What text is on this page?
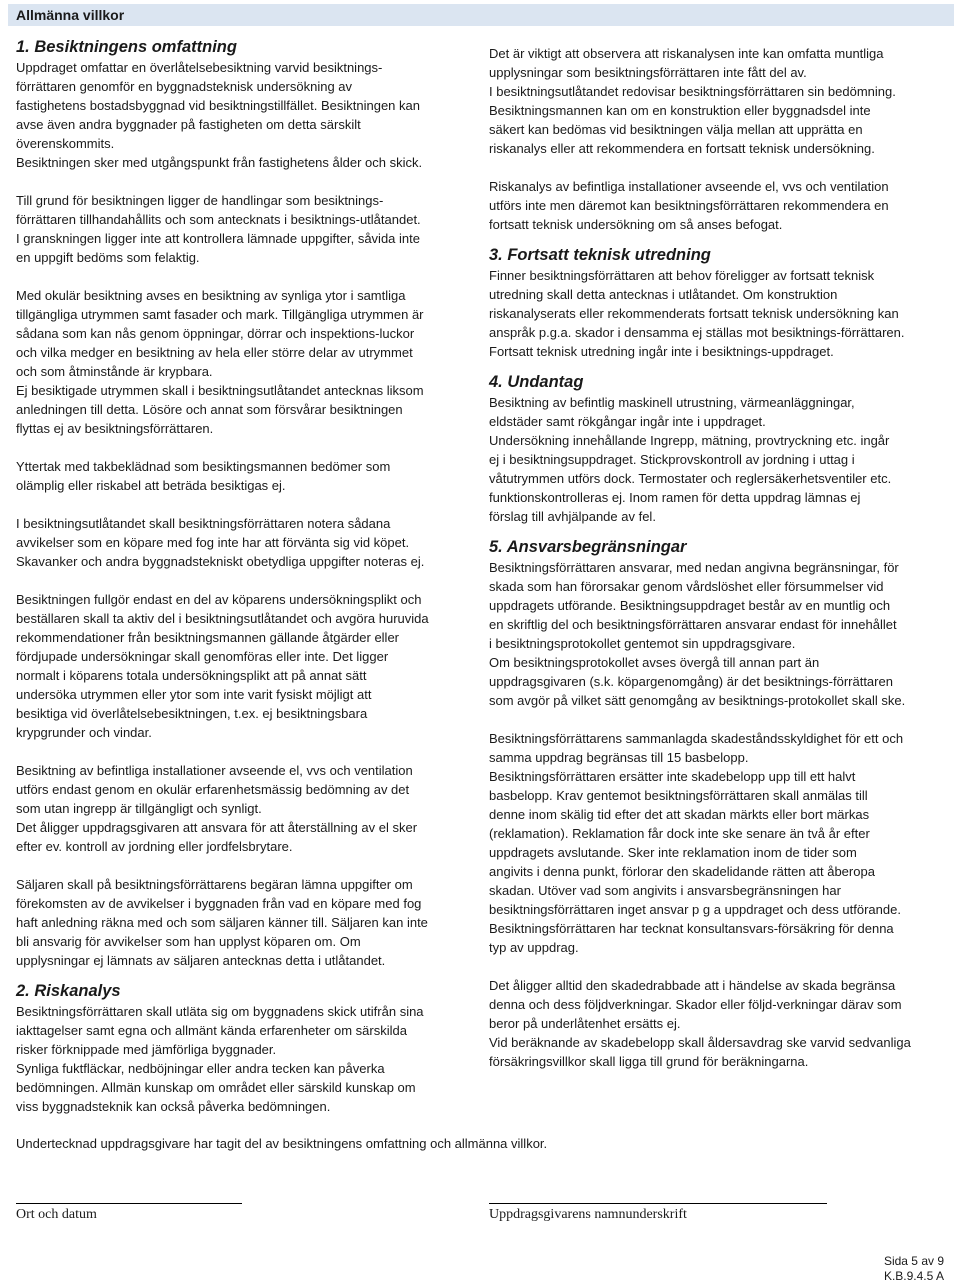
Allmänna villkor
1. Besiktningens omfattning
Uppdraget omfattar en överlåtelsebesiktning varvid besiktnings-
förrättaren genomför en byggnadsteknisk undersökning av
fastighetens bostadsbyggnad vid besiktningstillfället. Besiktningen kan
avse även andra byggnader på fastigheten om detta särskilt
överenskommits.
Besiktningen sker med utgångspunkt från fastighetens ålder och skick.
Till grund för besiktningen ligger de handlingar som besiktnings-
förrättaren tillhandahållits och som antecknats i besiktnings-utlåtandet.
I granskningen ligger inte att kontrollera lämnade uppgifter, såvida inte
en uppgift bedöms som felaktig.
Med okulär besiktning avses en besiktning av synliga ytor i samtliga
tillgängliga utrymmen samt fasader och mark. Tillgängliga utrymmen är
sådana som kan nås genom öppningar, dörrar och inspektions-luckor
och vilka medger en besiktning av hela eller större delar av utrymmet
och som åtminstånde är krypbara.
Ej besiktigade utrymmen skall i besiktningsutlåtandet antecknas liksom
anledningen till detta. Lösöre och annat som försvårar besiktningen
flyttas ej av besiktningsförrättaren.
Yttertak med takbeklädnad som besiktingsmannen bedömer som
olämplig eller riskabel att beträda besiktigas ej.
I besiktningsutlåtandet skall besiktningsförrättaren notera sådana
avvikelser som en köpare med fog inte har att förvänta sig vid köpet.
Skavanker och andra byggnadstekniskt obetydliga uppgifter noteras ej.
Besiktningen fullgör endast en del av köparens undersökningsplikt och
beställaren skall ta aktiv del i besiktningsutlåtandet och avgöra huruvida
rekommendationer från besiktningsmannen gällande åtgärder eller
fördjupade undersökningar skall genomföras eller inte. Det ligger
normalt i köparens totala undersökningsplikt att på annat sätt
undersöka utrymmen eller ytor som inte varit fysiskt möjligt att
besiktiga vid överlåtelsebesiktningen, t.ex. ej besiktningsbara
krypgrunder och vindar.
Besiktning av befintliga installationer avseende el, vvs och ventilation
utförs endast genom en okulär erfarenhetsmässig bedömning av det
som utan ingrepp är tillgängligt och synligt.
Det åligger uppdragsgivaren att ansvara för att återställning av el sker
efter ev. kontroll av jordning eller jordfelsbrytare.
Säljaren skall på besiktningsförrättarens begäran lämna uppgifter om
förekomsten av de avvikelser i byggnaden från vad en köpare med fog
haft anledning räkna med och som säljaren känner till. Säljaren kan inte
bli ansvarig för avvikelser som han upplyst köparen om. Om
upplysningar ej lämnats av säljaren antecknas detta i utlåtandet.
2. Riskanalys
Besiktningsförrättaren skall utläta sig om byggnadens skick utifrån sina
iakttagelser samt egna och allmänt kända erfarenheter om särskilda
risker förknippade med jämförliga byggnader.
Synliga fuktfläckar, nedböjningar eller andra tecken kan påverka
bedömningen. Allmän kunskap om området eller särskild kunskap om
viss byggnadsteknik kan också påverka bedömningen.
Det är viktigt att observera att riskanalysen inte kan omfatta muntliga
upplysningar som besiktningsförrättaren inte fått del av.
I besiktningsutlåtandet redovisar besiktningsförrättaren sin bedömning.
Besiktningsmannen kan om en konstruktion eller byggnadsdel inte
säkert kan bedömas vid besiktningen välja mellan att upprätta en
riskanalys eller att rekommendera en fortsatt teknisk undersökning.
Riskanalys av befintliga installationer avseende el, vvs och ventilation
utförs inte men däremot kan besiktningsförrättaren rekommendera en
fortsatt teknisk undersökning om så anses befogat.
3. Fortsatt teknisk utredning
Finner besiktningsförrättaren att behov föreligger av fortsatt teknisk
utredning skall detta antecknas i utlåtandet. Om konstruktion
riskanalyserats eller rekommenderats fortsatt teknisk undersökning kan
anspråk p.g.a. skador i densamma ej ställas mot besiktnings-förrättaren.
Fortsatt teknisk utredning ingår inte i besiktnings-uppdraget.
4. Undantag
Besiktning av befintlig maskinell utrustning, värmeanläggningar,
eldstäder samt rökgångar ingår inte i uppdraget.
Undersökning innehållande Ingrepp, mätning, provtryckning etc. ingår
ej i besiktningsuppdraget. Stickprovskontroll av jordning i uttag i
våtutrymmen utförs dock. Termostater och reglersäkerhetsventiler etc.
funktionskontrolleras ej. Inom ramen för detta uppdrag lämnas ej
förslag till avhjälpande av fel.
5. Ansvarsbegränsningar
Besiktningsförrättaren ansvarar, med nedan angivna begränsningar, för
skada som han förorsakar genom vårdslöshet eller försummelser vid
uppdragets utförande. Besiktningsuppdraget består av en muntlig och
en skriftlig del och besiktningsförrättaren ansvarar endast för innehållet
i besiktningsprotokollet gentemot sin uppdragsgivare.
Om besiktningsprotokollet avses övergå till annan part än
uppdragsgivaren (s.k. köpargenomgång) är det besiktnings-förrättaren
som avgör på vilket sätt genomgång av besiktnings-protokollet skall ske.
Besiktningsförrättarens sammanlagda skadeståndsskyldighet för ett och
samma uppdrag begränsas till 15 basbelopp.
Besiktningsförrättaren ersätter inte skadebelopp upp till ett halvt
basbelopp. Krav gentemot besiktningsförrättaren skall anmälas till
denne inom skälig tid efter det att skadan märkts eller bort märkas
(reklamation). Reklamation får dock inte ske senare än två år efter
uppdragets avslutande. Sker inte reklamation inom de tider som
angivits i denna punkt, förlorar den skadelidande rätten att åberopa
skadan. Utöver vad som angivits i ansvarsbegränsningen har
besiktningsförrättaren inget ansvar p g a uppdraget och dess utförande.
Besiktningsförrättaren har tecknat konsultansvars-försäkring för denna
typ av uppdrag.
Det åligger alltid den skadedrabbade att i händelse av skada begränsa
denna och dess följdverkningar. Skador eller följd-verkningar därav som
beror på underlåtenhet ersätts ej.
Vid beräknande av skadebelopp skall åldersavdrag ske varvid sedvanliga
försäkringsvillkor skall ligga till grund för beräkningarna.
Undertecknad uppdragsgivare har tagit del av besiktningens omfattning och allmänna villkor.
Ort och datum	Uppdragsgivarens namnunderskrift
Sida 5 av 9
K.B.9.4.5 A
